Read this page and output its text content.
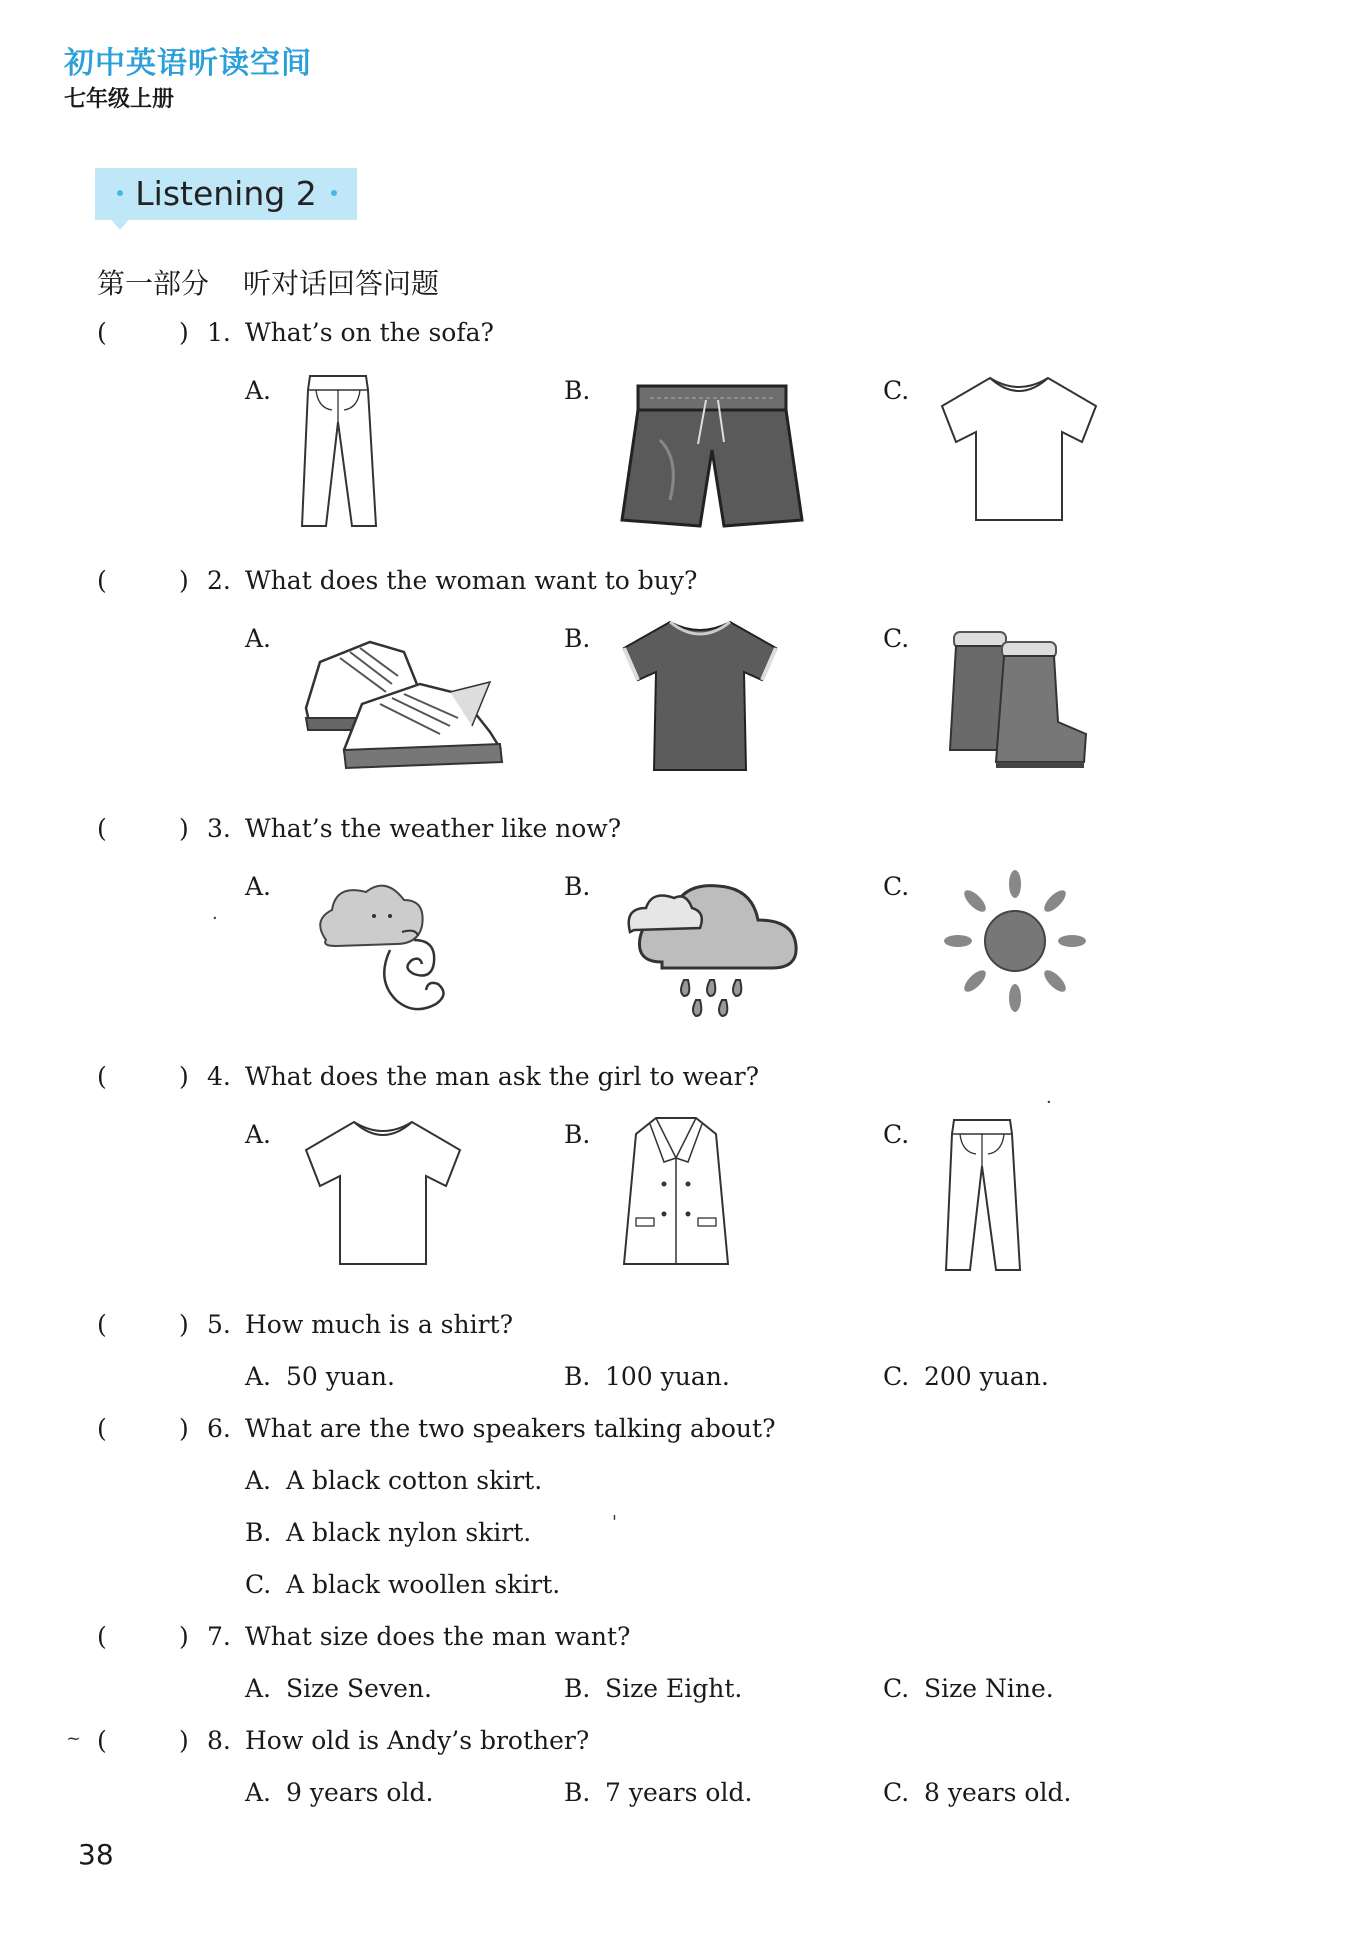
初中英语听读空间
七年级上册
Listening 2
第一部分 听对话回答问题
(	) 1. What’s on the sofa?
A.	B.	C.
(	) 2. What does the woman want to buy?
A.	B.	C.
(	) 3. What’s the weather like now?
A.	B.	C.
·
(	) 4. What does the man ask the girl to wear?
·
A.	B.	C.
(	) 5. How much is a shirt?
A. 50 yuan.	B. 100 yuan.	C. 200 yuan.
(	) 6. What are the two speakers talking about?
A. A black cotton skirt.
B. A black nylon skirt.	'
C. A black woollen skirt.
(	) 7. What size does the man want?
A. Size Seven.	B. Size Eight.	C. Size Nine.
~ (	) 8. How old is Andy’s brother?
A. 9 years old.	B. 7 years old.	C. 8 years old.
38
